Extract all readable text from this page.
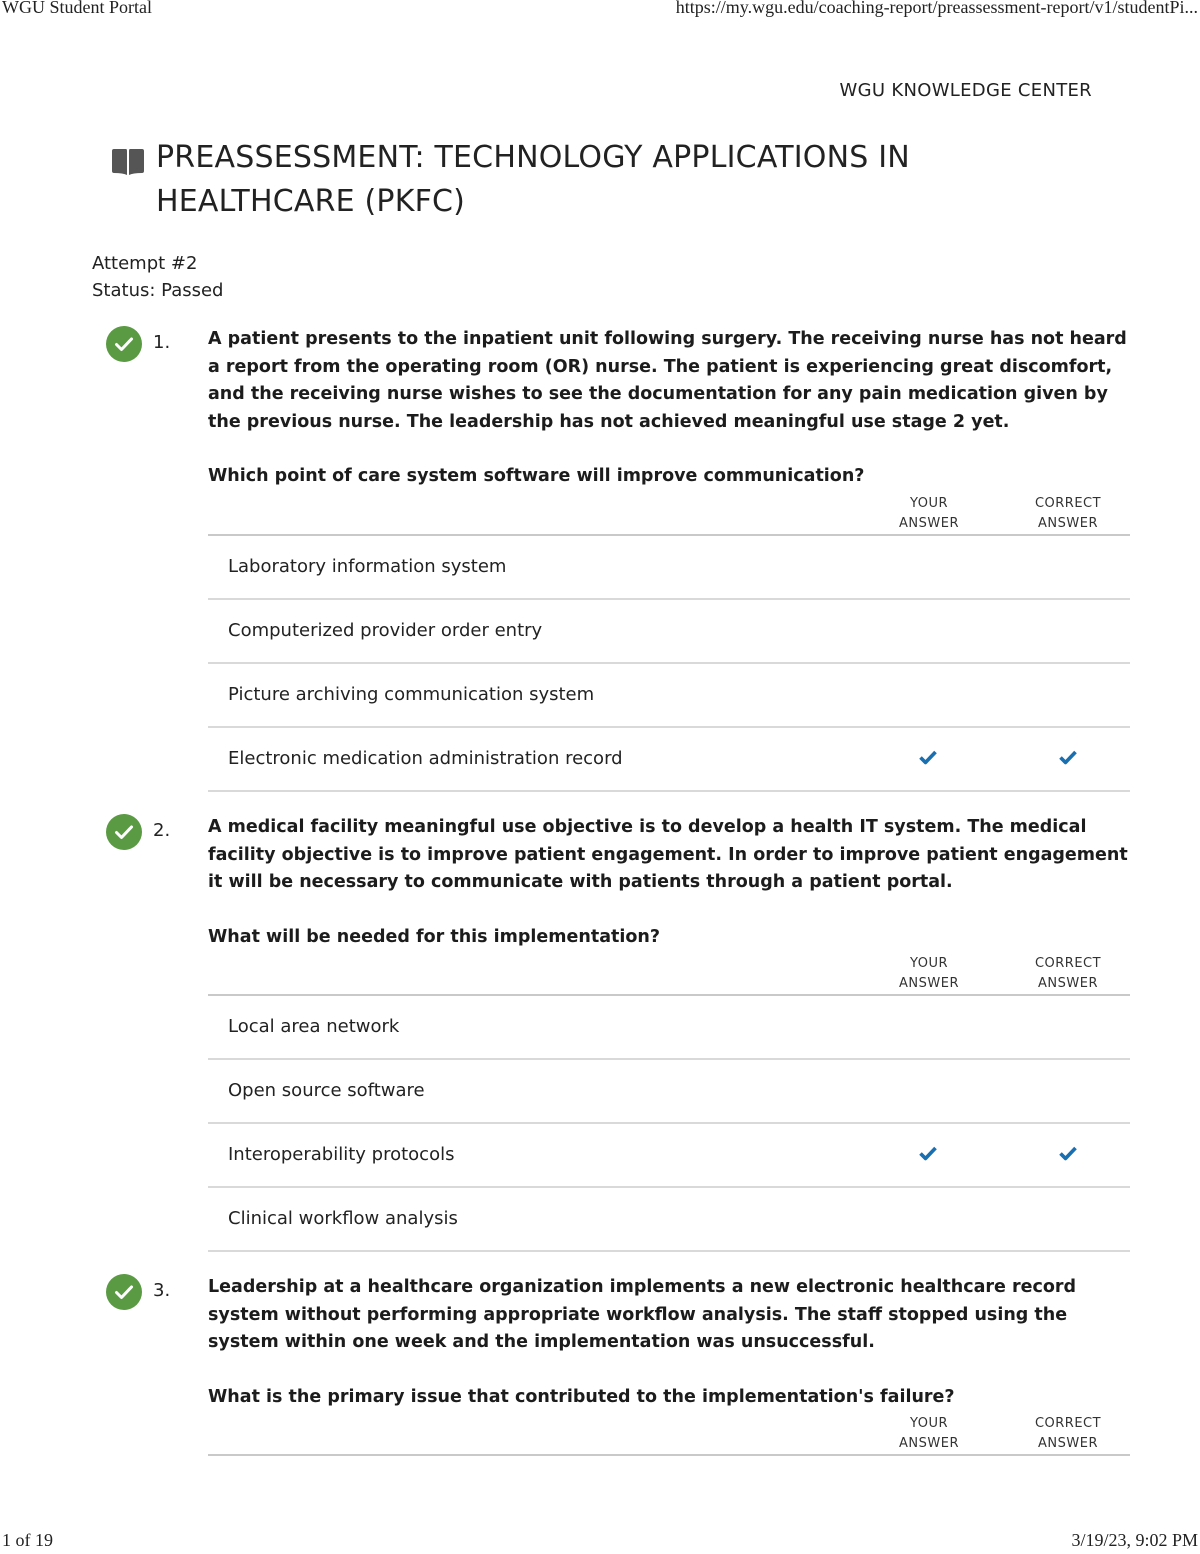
WGU Student Portal	https://my.wgu.edu/coaching-report/preassessment-report/v1/studentPi...
WGU KNOWLEDGE CENTER
PREASSESSMENT: TECHNOLOGY APPLICATIONS IN HEALTHCARE (PKFC)
Attempt #2
Status: Passed
1. A patient presents to the inpatient unit following surgery. The receiving nurse has not heard a report from the operating room (OR) nurse. The patient is experiencing great discomfort, and the receiving nurse wishes to see the documentation for any pain medication given by the previous nurse. The leadership has not achieved meaningful use stage 2 yet.

Which point of care system software will improve communication?

YOUR
ANSWER
CORRECT
ANSWER
Laboratory information system
Computerized provider order entry
Picture archiving communication system
Electronic medication administration record
2. A medical facility meaningful use objective is to develop a health IT system. The medical facility objective is to improve patient engagement. In order to improve patient engagement it will be necessary to communicate with patients through a patient portal.

What will be needed for this implementation?

YOUR
ANSWER
CORRECT
ANSWER
Local area network
Open source software
Interoperability protocols
Clinical workflow analysis
3. Leadership at a healthcare organization implements a new electronic healthcare record system without performing appropriate workflow analysis. The staff stopped using the system within one week and the implementation was unsuccessful.

What is the primary issue that contributed to the implementation's failure?

YOUR
ANSWER
CORRECT
ANSWER
1 of 19	3/19/23, 9:02 PM
